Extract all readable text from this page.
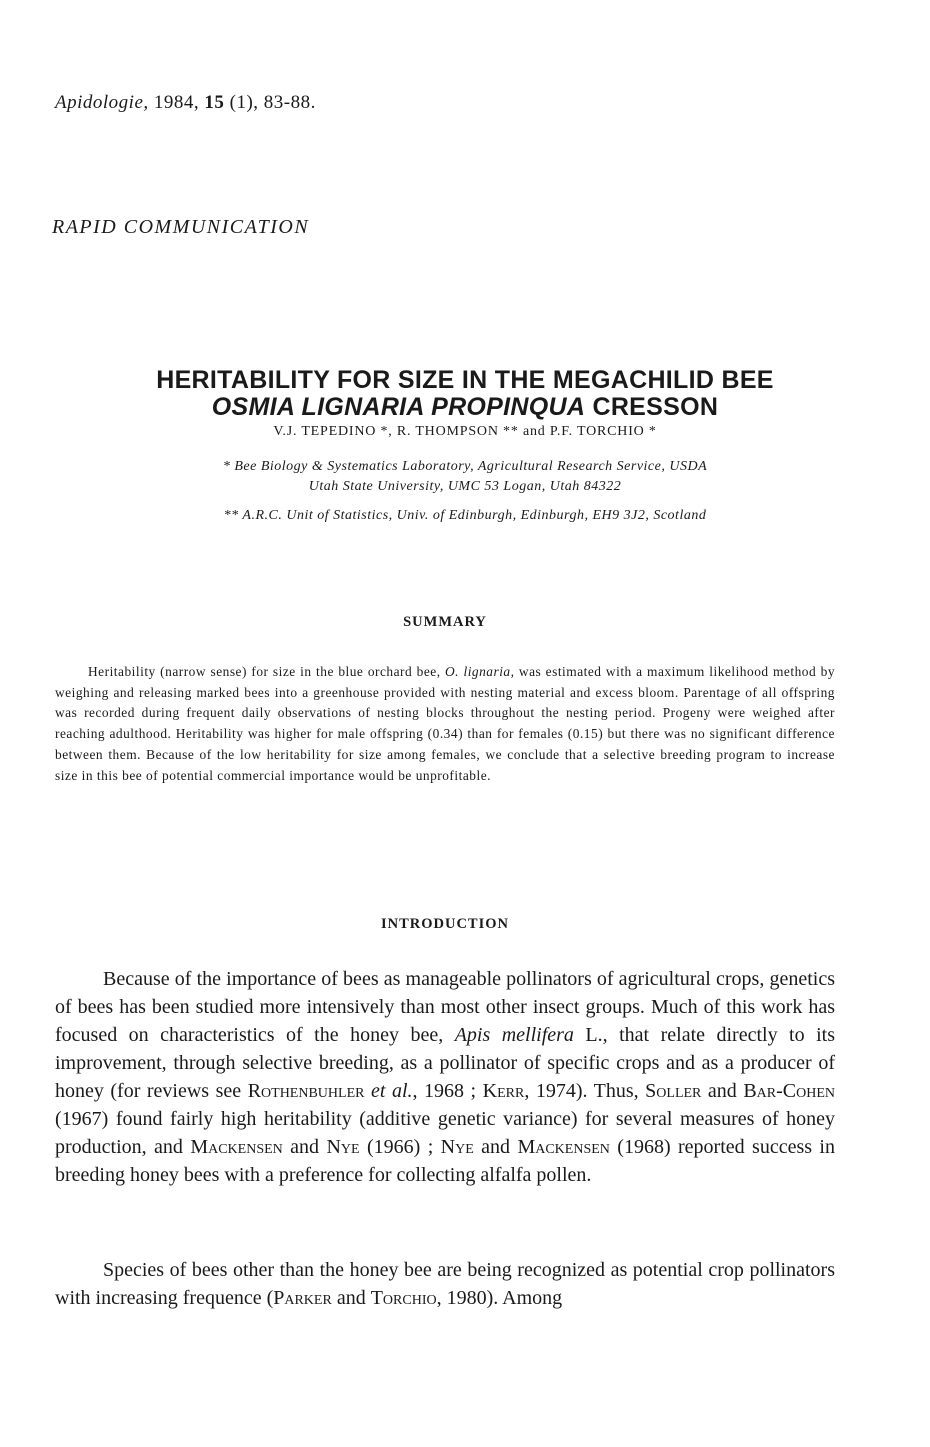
Apidologie, 1984, 15 (1), 83-88.
RAPID COMMUNICATION
HERITABILITY FOR SIZE IN THE MEGACHILID BEE
OSMIA LIGNARIA PROPINQUA CRESSON
V.J. TEPEDINO *, R. THOMPSON ** and P.F. TORCHIO *
* Bee Biology & Systematics Laboratory, Agricultural Research Service, USDA
Utah State University, UMC 53 Logan, Utah 84322
** A.R.C. Unit of Statistics, Univ. of Edinburgh, Edinburgh, EH9 3J2, Scotland
SUMMARY
Heritability (narrow sense) for size in the blue orchard bee, O. lignaria, was estimated with a maximum likelihood method by weighing and releasing marked bees into a greenhouse provided with nesting material and excess bloom. Parentage of all offspring was recorded during frequent daily observations of nesting blocks throughout the nesting period. Progeny were weighed after reaching adulthood. Heritability was higher for male offspring (0.34) than for females (0.15) but there was no significant difference between them. Because of the low heritability for size among females, we conclude that a selective breeding program to increase size in this bee of potential commercial importance would be unprofitable.
INTRODUCTION
Because of the importance of bees as manageable pollinators of agricultural crops, genetics of bees has been studied more intensively than most other insect groups. Much of this work has focused on characteristics of the honey bee, Apis mellifera L., that relate directly to its improvement, through selective breeding, as a pollinator of specific crops and as a producer of honey (for reviews see Rothenbuhler et al., 1968 ; Kerr, 1974). Thus, Soller and Bar-Cohen (1967) found fairly high heritability (additive genetic variance) for several measures of honey production, and Mackensen and Nye (1966) ; Nye and Mackensen (1968) reported success in breeding honey bees with a preference for collecting alfalfa pollen.
Species of bees other than the honey bee are being recognized as potential crop pollinators with increasing frequence (Parker and Torchio, 1980). Among
